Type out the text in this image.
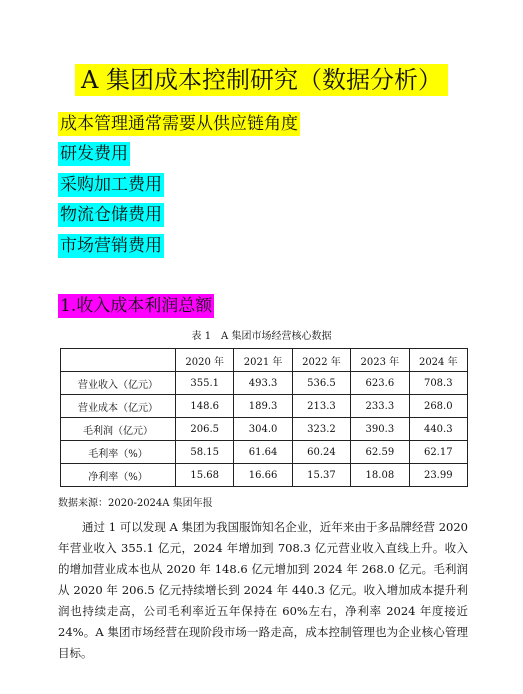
A 集团成本控制研究（数据分析）
成本管理通常需要从供应链角度
研发费用
采购加工费用
物流仓储费用
市场营销费用
1.收入成本利润总额
表 1　A 集团市场经营核心数据
	2020 年	2021 年	2022 年	2023 年	2024 年
营业收入（亿元）	355.1	493.3	536.5	623.6	708.3
营业成本（亿元）	148.6	189.3	213.3	233.3	268.0
毛利润（亿元）	206.5	304.0	323.2	390.3	440.3
毛利率（%）	58.15	61.64	60.24	62.59	62.17
净利率（%）	15.68	16.66	15.37	18.08	23.99
数据来源：2020-2024A 集团年报
通过 1 可以发现 A 集团为我国服饰知名企业，近年来由于多品牌经营 2020 年营业收入 355.1 亿元，2024 年增加到 708.3 亿元营业收入直线上升。收入的增加营业成本也从 2020 年 148.6 亿元增加到 2024 年 268.0 亿元。毛利润从 2020 年 206.5 亿元持续增长到 2024 年 440.3 亿元。收入增加成本提升利润也持续走高，公司毛利率近五年保持在 60%左右，净利率 2024 年度接近 24%。A 集团市场经营在现阶段市场一路走高，成本控制管理也为企业核心管理目标。
